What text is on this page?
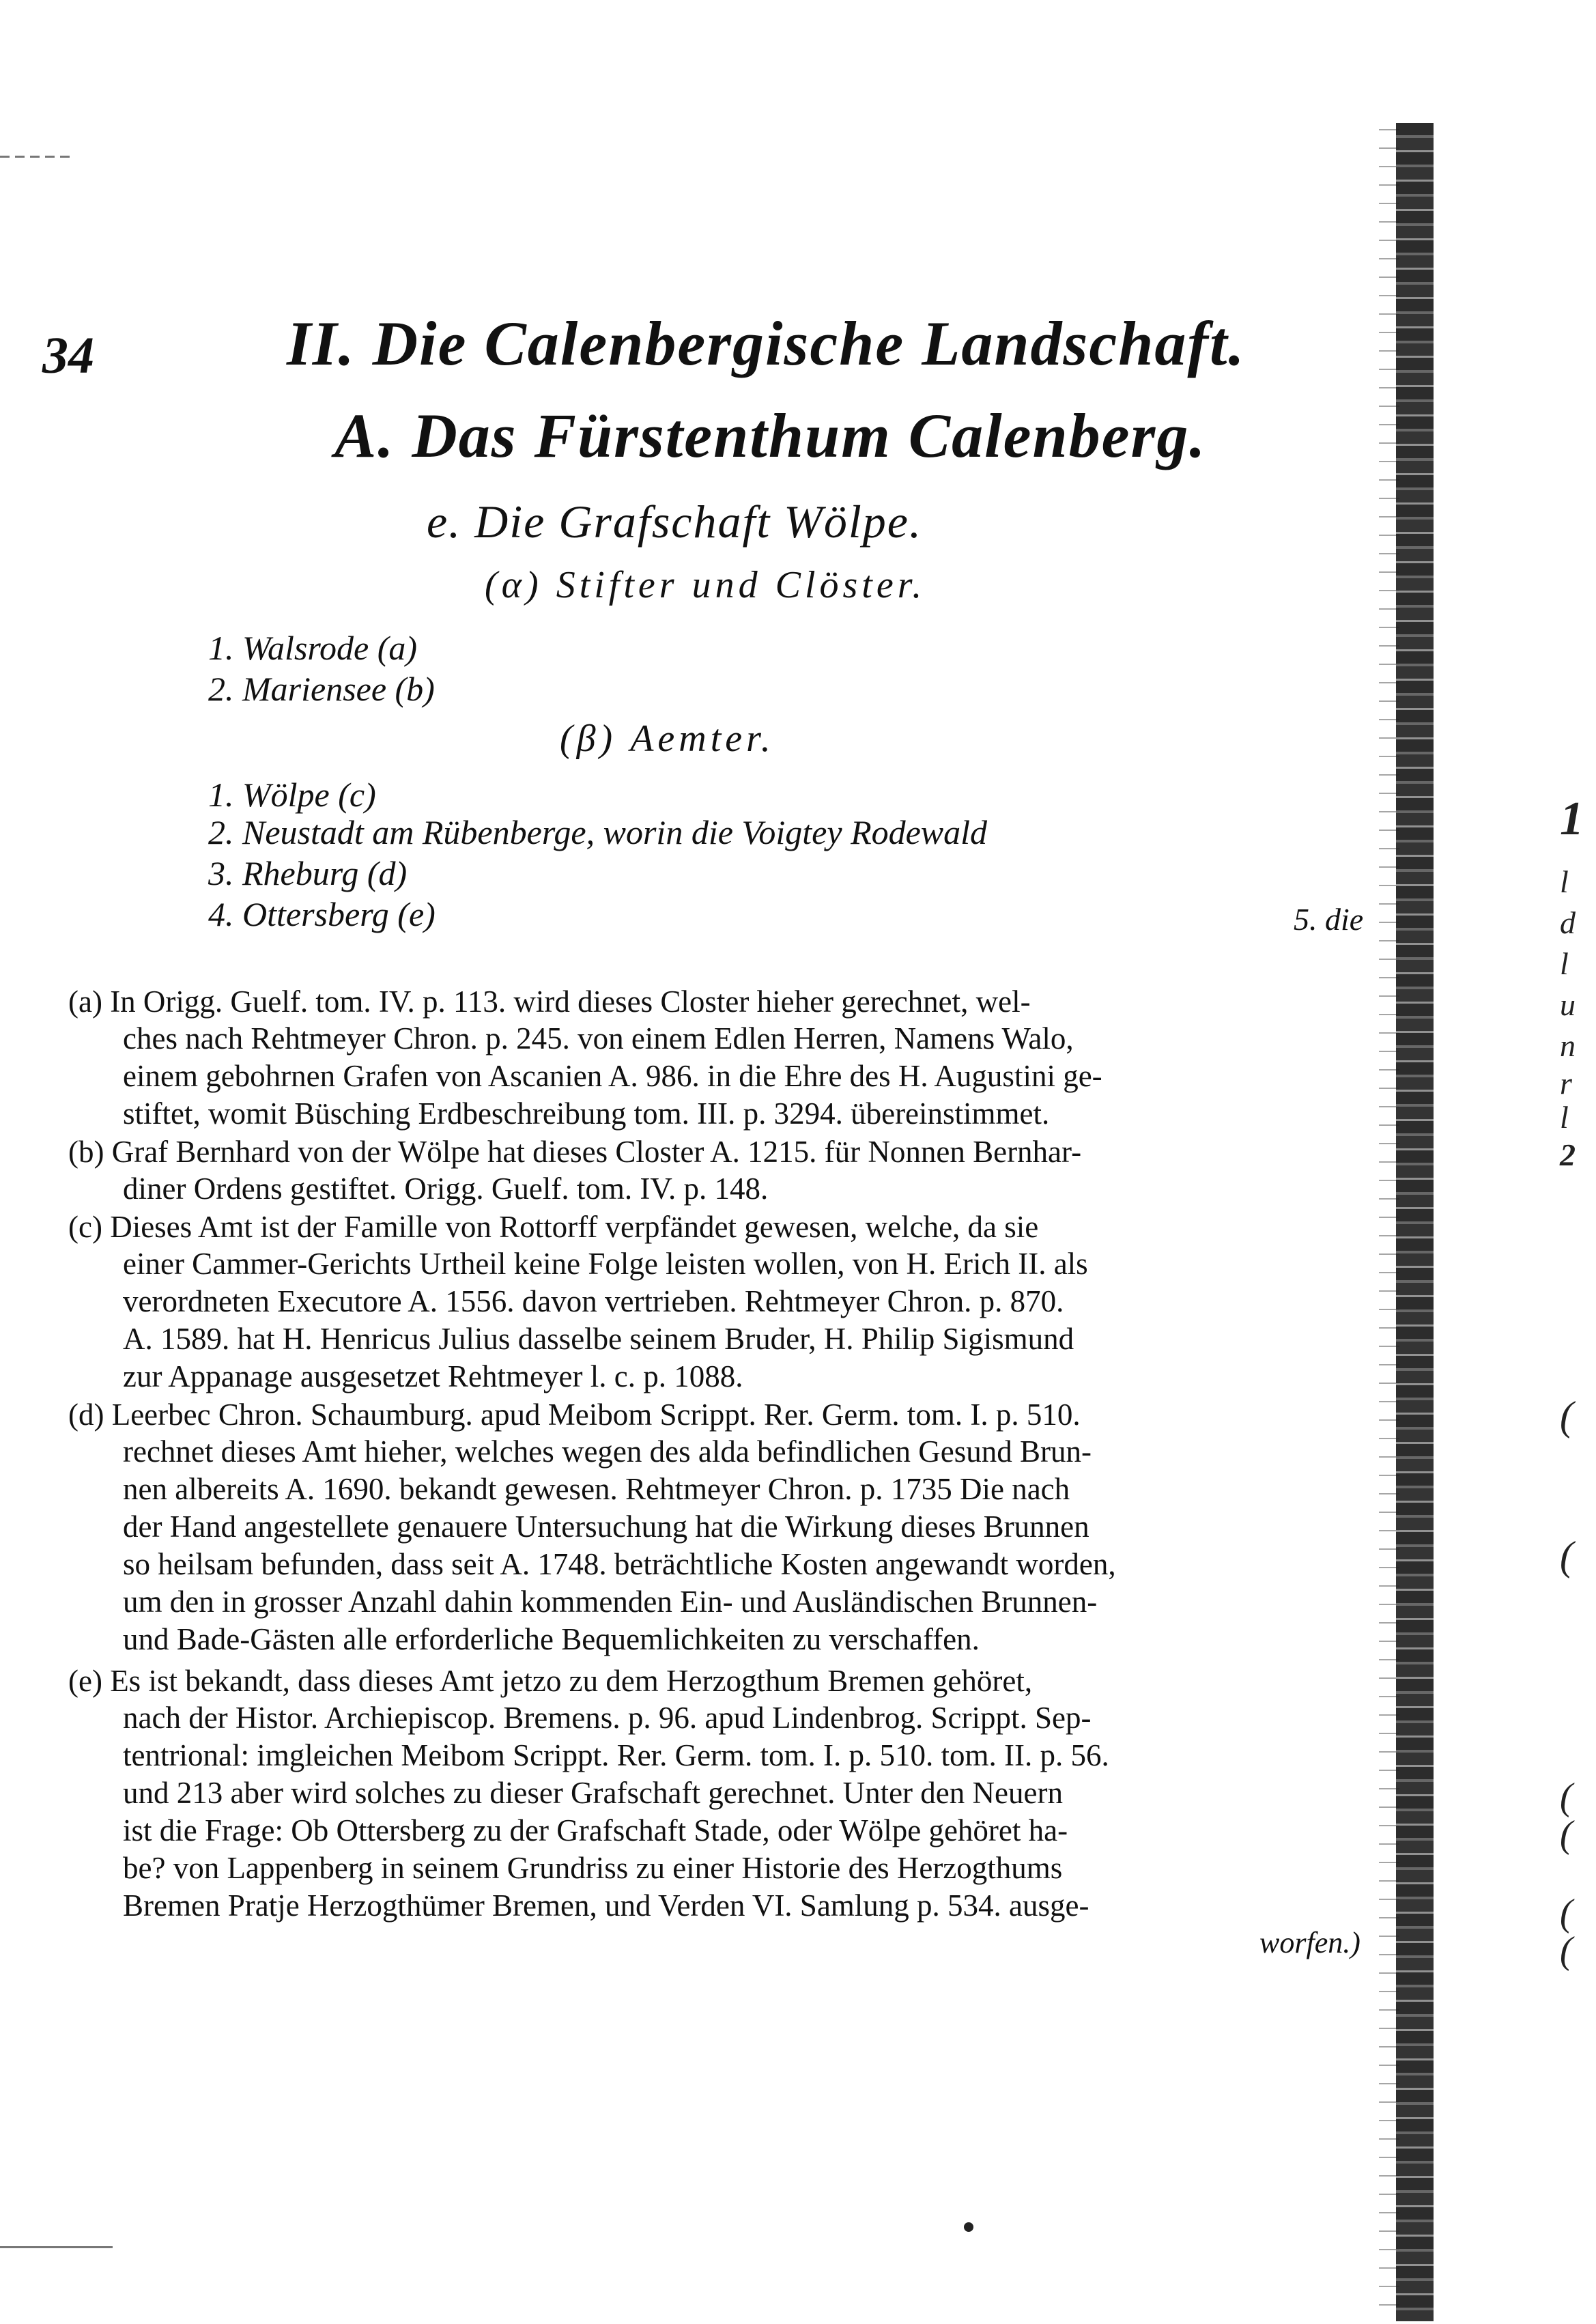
34	II. Die Calenbergische Landschaft.
A. Das Fürstenthum Calenberg.
e. Die Grafschaft Wölpe.
(α) Stifter und Clöster.
1. Walsrode (a)
2. Mariensee (b)
(β) Aemter.
1. Wölpe (c)
2. Neustadt am Rübenberge, worin die Voigtey Rodewald
3. Rheburg (d)
4. Ottersberg (e)	5. die
(a) In Origg. Guelf. tom. IV. p. 113. wird dieses Closter hieher gerechnet, wel-
ches nach Rehtmeyer Chron. p. 245. von einem Edlen Herren, Namens Walo,
einem gebohrnen Grafen von Ascanien A. 986. in die Ehre des H. Augustini ge-
stiftet, womit Büsching Erdbeschreibung tom. III. p. 3294. übereinstimmet.
(b) Graf Bernhard von der Wölpe hat dieses Closter A. 1215. für Nonnen Bernhar-
diner Ordens gestiftet. Origg. Guelf. tom. IV. p. 148.
(c) Dieses Amt ist der Famille von Rottorff verpfändet gewesen, welche, da sie
einer Cammer-Gerichts Urtheil keine Folge leisten wollen, von H. Erich II. als
verordneten Executore A. 1556. davon vertrieben. Rehtmeyer Chron. p. 870.
A. 1589. hat H. Henricus Julius dasselbe seinem Bruder, H. Philip Sigismund
zur Appanage ausgesetzet Rehtmeyer l. c. p. 1088.
(d) Leerbec Chron. Schaumburg. apud Meibom Scrippt. Rer. Germ. tom. I. p. 510.
rechnet dieses Amt hieher, welches wegen des alda befindlichen Gesund Brun-
nen albereits A. 1690. bekandt gewesen. Rehtmeyer Chron. p. 1735 Die nach
der Hand angestellete genauere Untersuchung hat die Wirkung dieses Brunnen
so heilsam befunden, dass seit A. 1748. beträchtliche Kosten angewandt worden,
um den in grosser Anzahl dahin kommenden Ein- und Ausländischen Brunnen-
und Bade-Gästen alle erforderliche Bequemlichkeiten zu verschaffen.
(e) Es ist bekandt, dass dieses Amt jetzo zu dem Herzogthum Bremen gehöret,
nach der Histor. Archiepiscop. Bremens. p. 96. apud Lindenbrog. Scrippt. Sep-
tentrional: imgleichen Meibom Scrippt. Rer. Germ. tom. I. p. 510. tom. II. p. 56.
und 213 aber wird solches zu dieser Grafschaft gerechnet. Unter den Neuern
ist die Frage: Ob Ottersberg zu der Grafschaft Stade, oder Wölpe gehöret ha-
be? von Lappenberg in seinem Grundriss zu einer Historie des Herzogthums
Bremen Pratje Herzogthümer Bremen, und Verden VI. Samlung p. 534. ausge-
worfen.)
1
l
d
l
u
n
r
l
2
(
(
(
(
(
(
